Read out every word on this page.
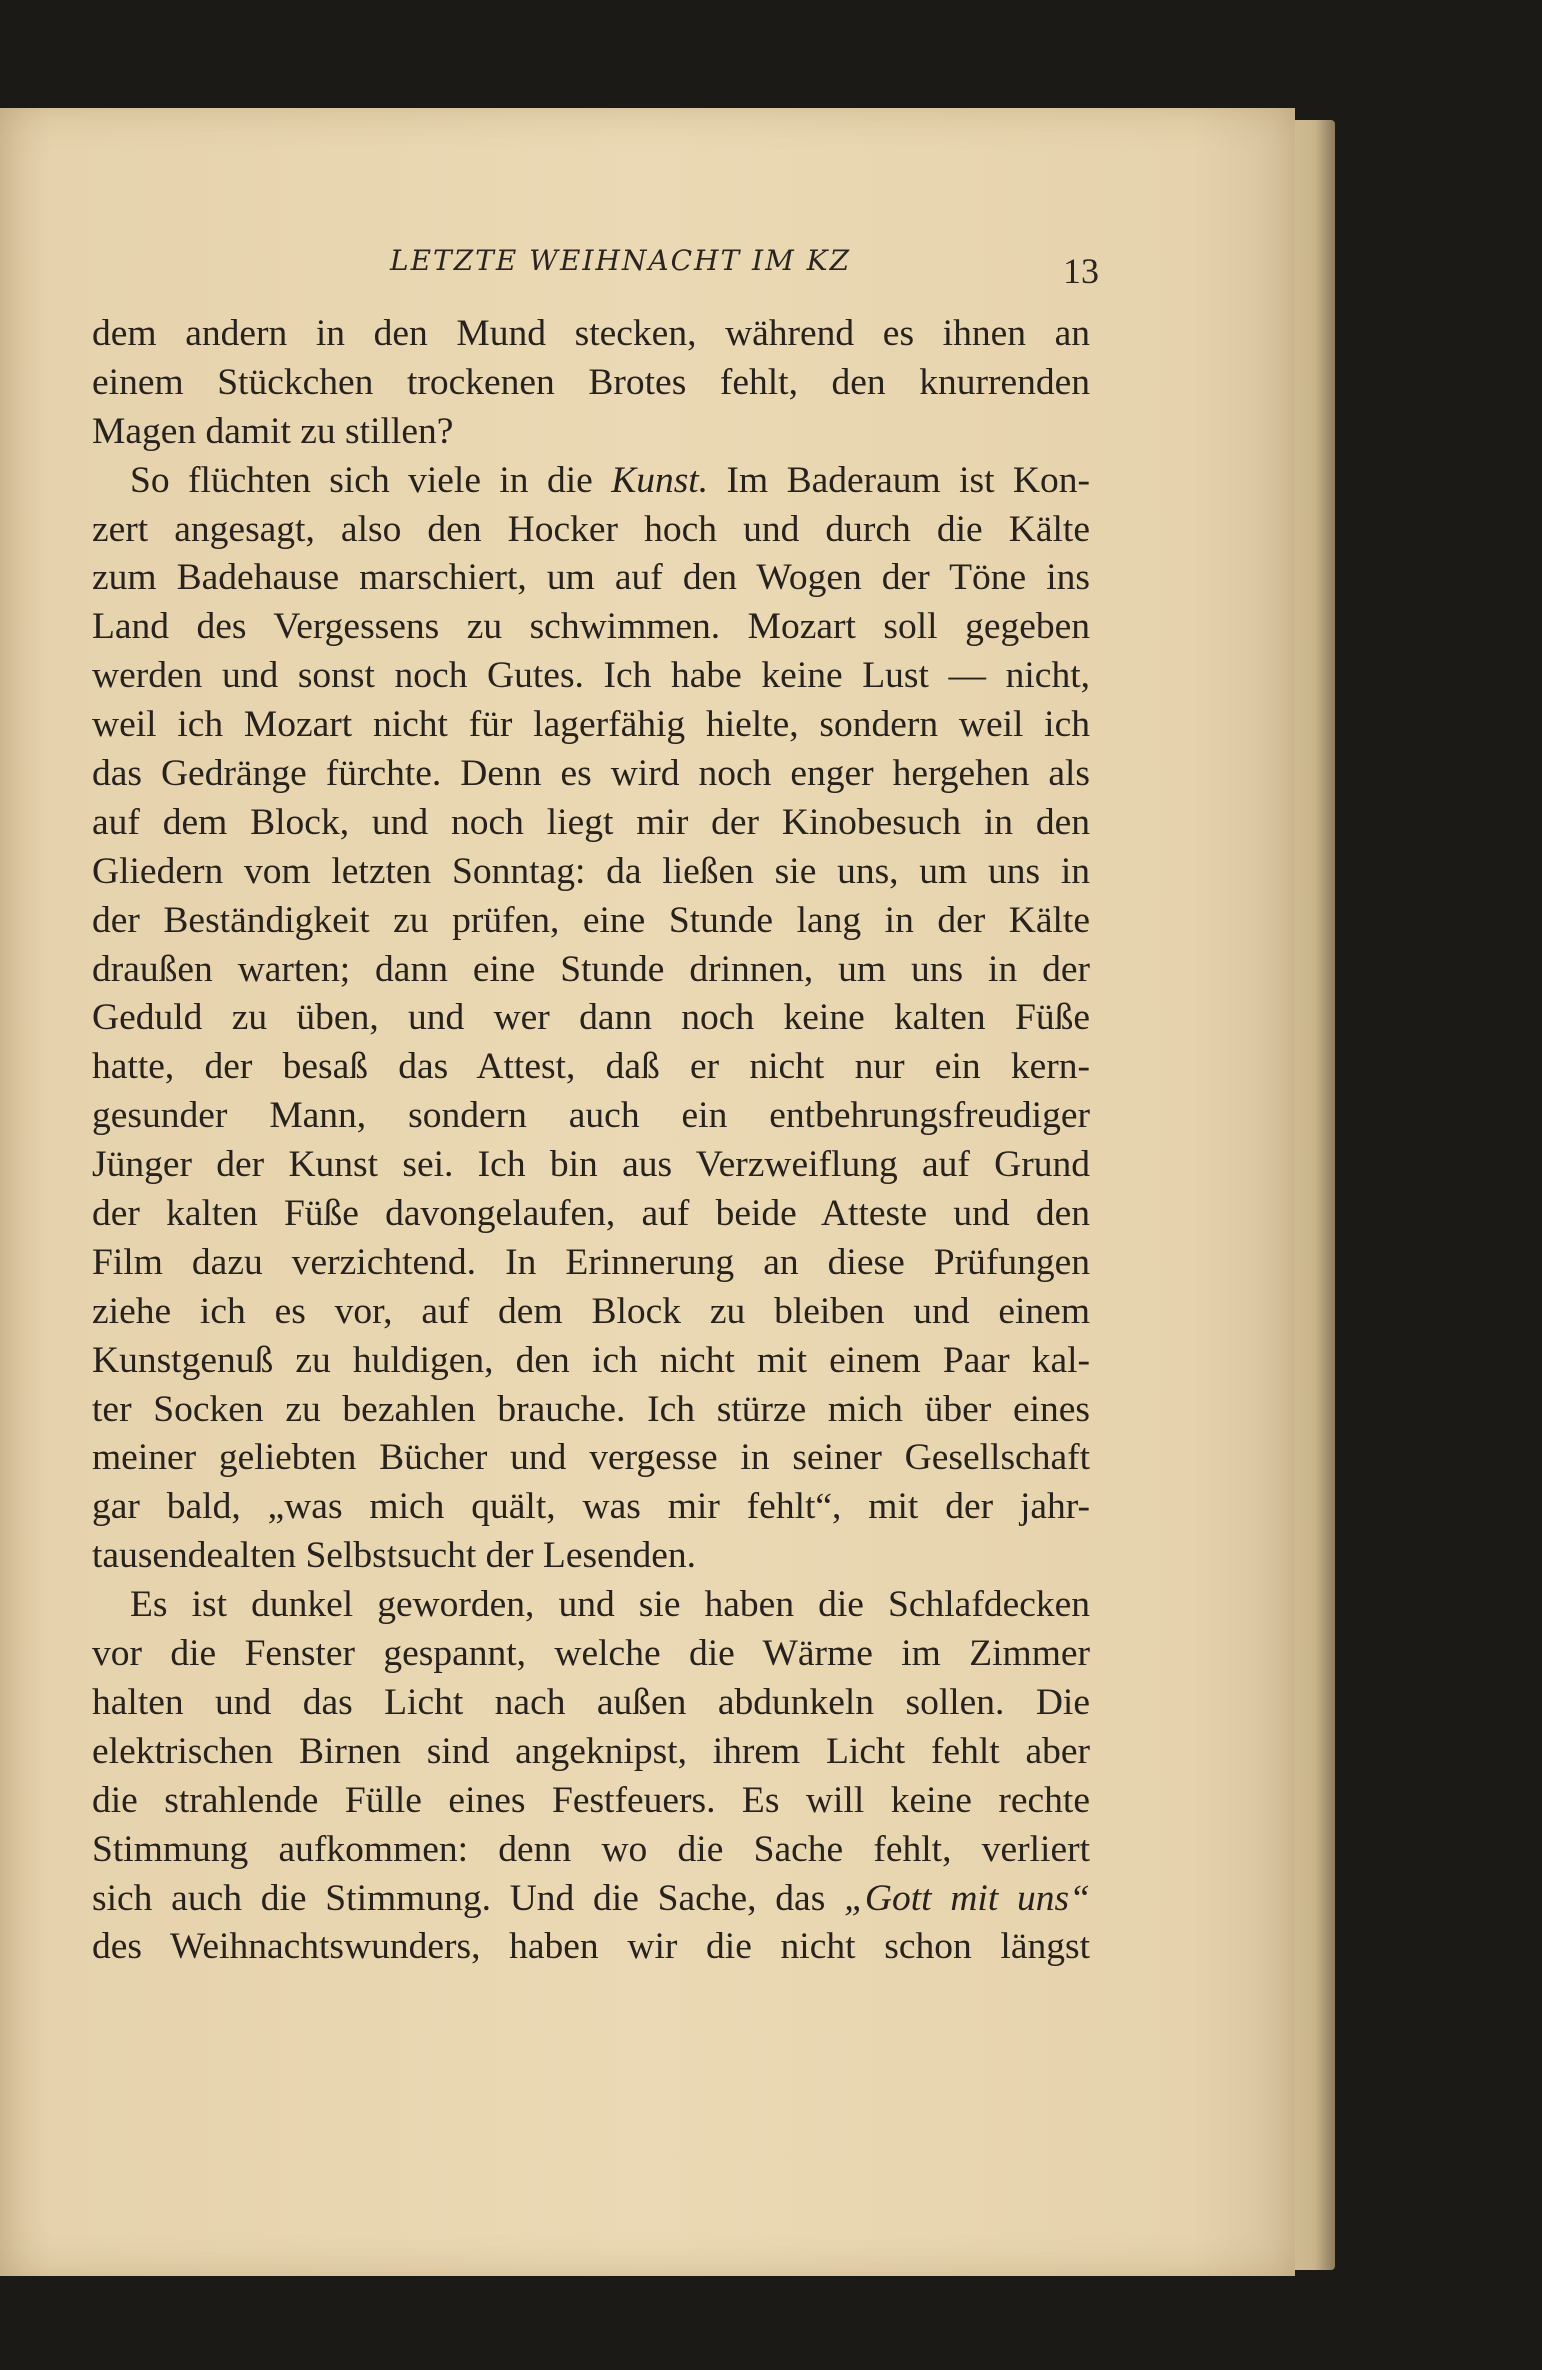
LETZTE WEIHNACHT IM KZ	13
dem andern in den Mund stecken, während es ihnen an
einem Stückchen trockenen Brotes fehlt, den knurrenden
Magen damit zu stillen?
So flüchten sich viele in die Kunst. Im Baderaum ist Kon-
zert angesagt, also den Hocker hoch und durch die Kälte
zum Badehause marschiert, um auf den Wogen der Töne ins
Land des Vergessens zu schwimmen. Mozart soll gegeben
werden und sonst noch Gutes. Ich habe keine Lust — nicht,
weil ich Mozart nicht für lagerfähig hielte, sondern weil ich
das Gedränge fürchte. Denn es wird noch enger hergehen als
auf dem Block, und noch liegt mir der Kinobesuch in den
Gliedern vom letzten Sonntag: da ließen sie uns, um uns in
der Beständigkeit zu prüfen, eine Stunde lang in der Kälte
draußen warten; dann eine Stunde drinnen, um uns in der
Geduld zu üben, und wer dann noch keine kalten Füße
hatte, der besaß das Attest, daß er nicht nur ein kern-
gesunder Mann, sondern auch ein entbehrungsfreudiger
Jünger der Kunst sei. Ich bin aus Verzweiflung auf Grund
der kalten Füße davongelaufen, auf beide Atteste und den
Film dazu verzichtend. In Erinnerung an diese Prüfungen
ziehe ich es vor, auf dem Block zu bleiben und einem
Kunstgenuß zu huldigen, den ich nicht mit einem Paar kal-
ter Socken zu bezahlen brauche. Ich stürze mich über eines
meiner geliebten Bücher und vergesse in seiner Gesellschaft
gar bald, „was mich quält, was mir fehlt“, mit der jahr-
tausendealten Selbstsucht der Lesenden.
Es ist dunkel geworden, und sie haben die Schlafdecken
vor die Fenster gespannt, welche die Wärme im Zimmer
halten und das Licht nach außen abdunkeln sollen. Die
elektrischen Birnen sind angeknipst, ihrem Licht fehlt aber
die strahlende Fülle eines Festfeuers. Es will keine rechte
Stimmung aufkommen: denn wo die Sache fehlt, verliert
sich auch die Stimmung. Und die Sache, das „Gott mit uns“
des Weihnachtswunders, haben wir die nicht schon längst
